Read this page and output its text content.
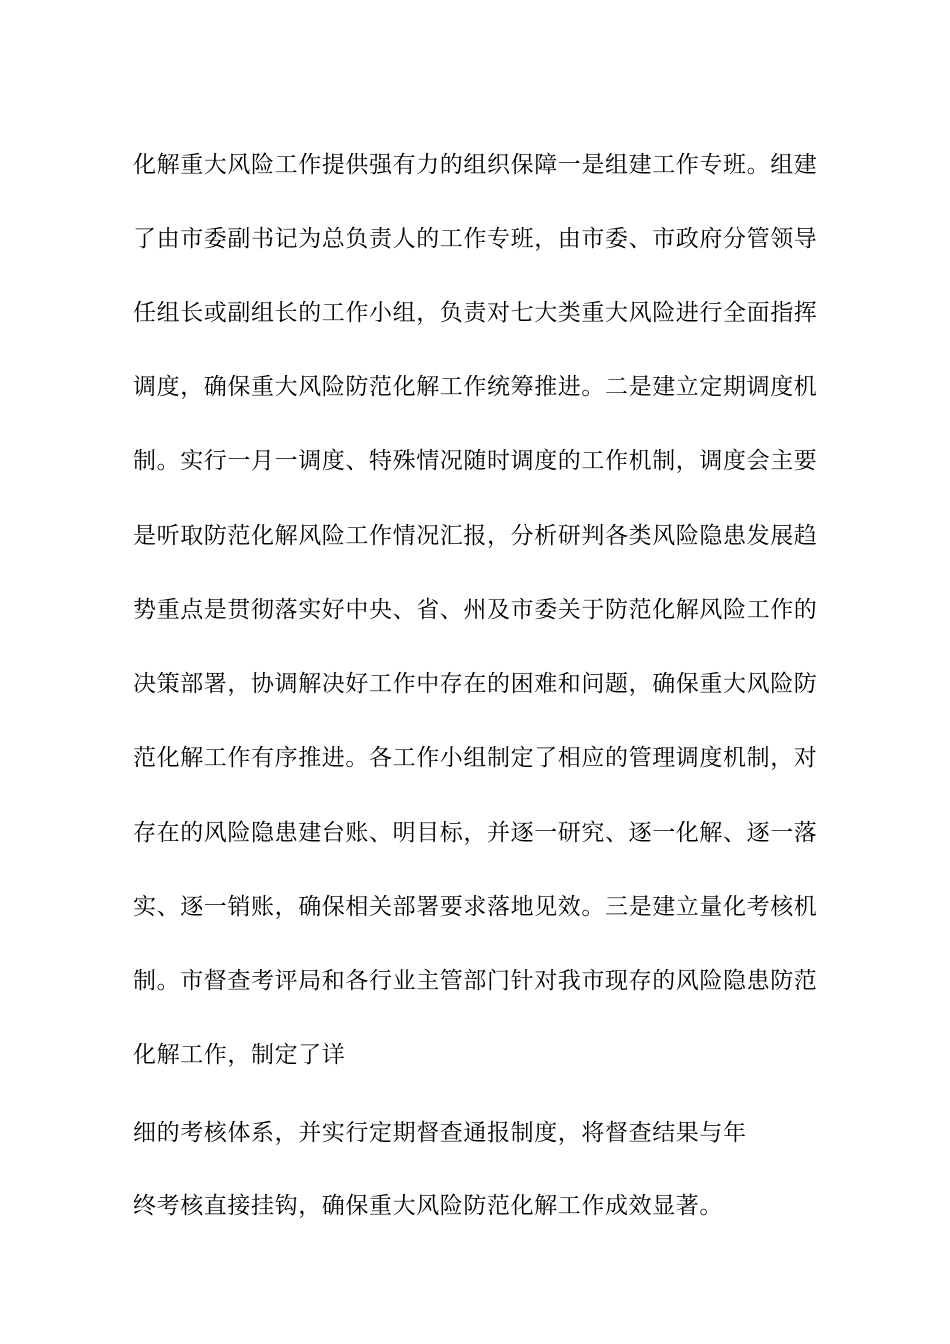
化解重大风险工作提供强有力的组织保障一是组建工作专班。组建
了由市委副书记为总负责人的工作专班，由市委、市政府分管领导
任组长或副组长的工作小组，负责对七大类重大风险进行全面指挥
调度，确保重大风险防范化解工作统筹推进。二是建立定期调度机
制。实行一月一调度、特殊情况随时调度的工作机制，调度会主要
是听取防范化解风险工作情况汇报，分析研判各类风险隐患发展趋
势重点是贯彻落实好中央、省、州及市委关于防范化解风险工作的
决策部署，协调解决好工作中存在的困难和问题，确保重大风险防
范化解工作有序推进。各工作小组制定了相应的管理调度机制，对
存在的风险隐患建台账、明目标，并逐一研究、逐一化解、逐一落
实、逐一销账，确保相关部署要求落地见效。三是建立量化考核机
制。市督查考评局和各行业主管部门针对我市现存的风险隐患防范
化解工作，制定了详
细的考核体系，并实行定期督查通报制度，将督查结果与年
终考核直接挂钩，确保重大风险防范化解工作成效显著。
